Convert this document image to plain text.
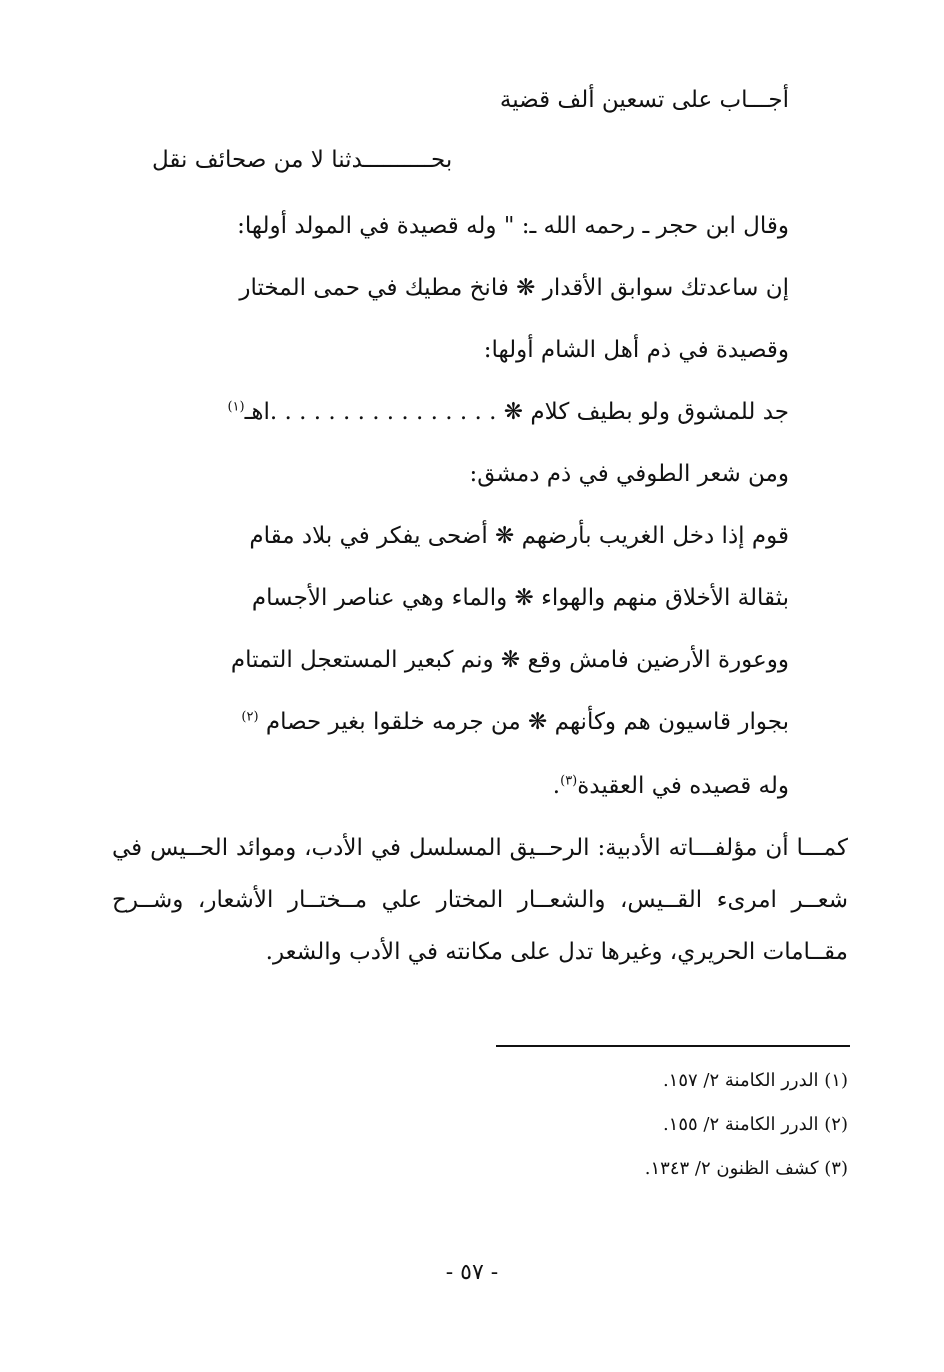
أجـــاب على تسعين ألف قضية
بحــــــــــدثنا لا من صحائف نقل
وقال ابن حجر ـ رحمه الله ـ: " وله قصيدة في المولد أولها:
إن ساعدتك سوابق الأقدار ❋ فانخ مطيك في حمى المختار
وقصيدة في ذم أهل الشام أولها:
جد للمشوق ولو بطيف كلام ❋ . . . . . . . . . . . . . . . .اهـ$^{(١)}$
ومن شعر الطوفي في ذم دمشق:
قوم إذا دخل الغريب بأرضهم ❋ أضحى يفكر في بلاد مقام
بثقالة الأخلاق منهم والهواء ❋ والماء وهي عناصر الأجسام
ووعورة الأرضين فامش وقع ❋ ونم كبعير المستعجل التمتام
بجوار قاسيون هم وكأنهم ❋ من جرمه خلقوا بغير حصام $^{(٢)}$
وله قصيده في العقيدة$^{(٣)}$.
كمـــا أن مؤلفـــاته الأدبية: الرحــيق المسلسل في الأدب، وموائد الحــيس في شعــر امرىء القــيس، والشعــار المختار علي مــختــار الأشعار، وشــرح مقــامات الحريري، وغيرها تدل على مكانته في الأدب والشعر.
(١) الدرر الكامنة ٢/ ١٥٧.
(٢) الدرر الكامنة ٢/ ١٥٥.
(٣) كشف الظنون ٢/ ١٣٤٣.
- ٥٧ -
